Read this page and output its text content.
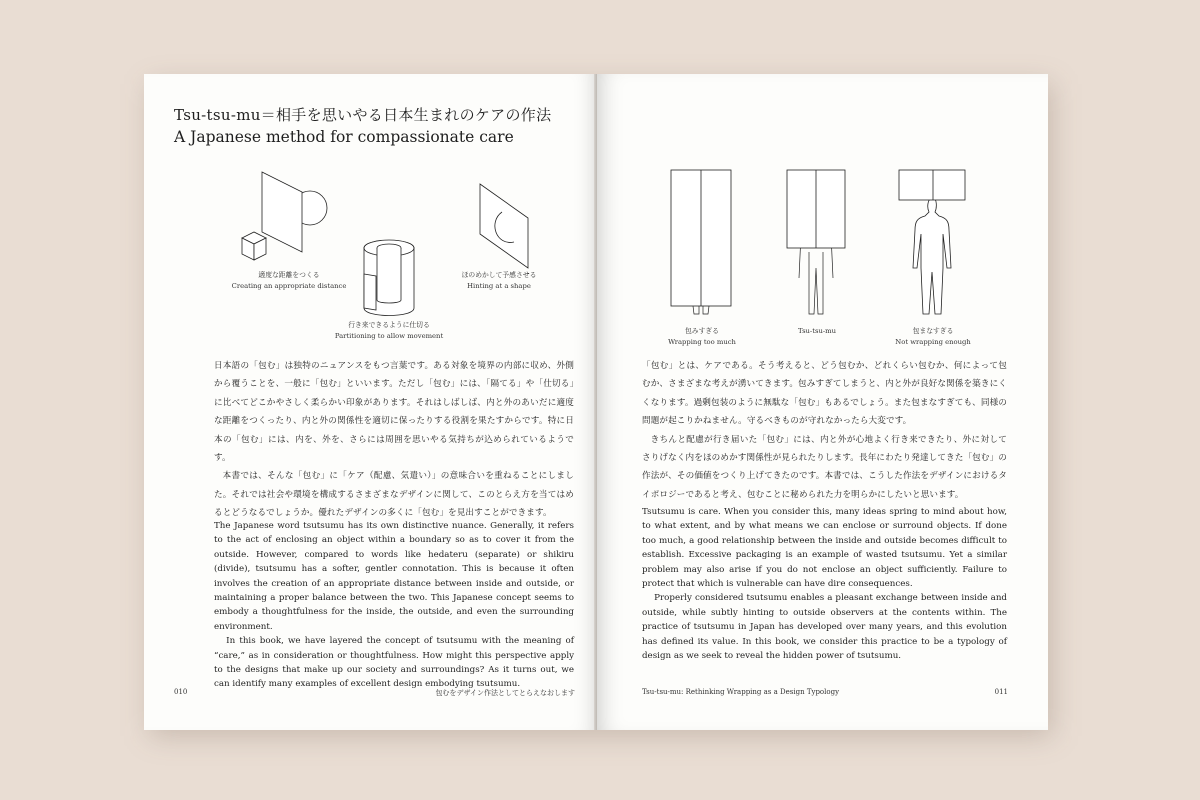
Tsu-tsu-mu＝相手を思いやる日本生まれのケアの作法
A Japanese method for compassionate care
適度な距離をつくる
Creating an appropriate distance
行き来できるように仕切る
Partitioning to allow movement
ほのめかして予感させる
Hinting at a shape

日本語の「包む」は独特のニュアンスをもつ言葉です。ある対象を境界の内部に収め、外側から覆うことを、一般に「包む」といいます。ただし「包む」には、「隔てる」や「仕切る」に比べてどこかやさしく柔らかい印象があります。それはしばしば、内と外のあいだに適度な距離をつくったり、内と外の関係性を適切に保ったりする役割を果たすからです。特に日本の「包む」には、内を、外を、さらには周囲を思いやる気持ちが込められているようです。

本書では、そんな「包む」に「ケア（配慮、気遣い）」の意味合いを重ねることにしました。それでは社会や環境を構成するさまざまなデザインに関して、このとらえ方を当てはめるとどうなるでしょうか。優れたデザインの多くに「包む」を見出すことができます。

The Japanese word tsutsumu has its own distinctive nuance. Generally, it refers to the act of enclosing an object within a boundary so as to cover it from the outside. However, compared to words like hedateru (separate) or shikiru (divide), tsutsumu has a softer, gentler connotation. This is because it often involves the creation of an appropriate distance between inside and outside, or maintaining a proper balance between the two. This Japanese concept seems to embody a thoughtfulness for the inside, the outside, and even the surrounding environment.

In this book, we have layered the concept of tsutsumu with the meaning of “care,” as in consideration or thoughtfulness. How might this perspective apply to the designs that make up our society and surroundings? As it turns out, we can identify many examples of excellent design embodying tsutsumu.

010	包むをデザイン作法としてとらえなおします
包みすぎる
Wrapping too much
Tsu-tsu-mu	包まなすぎる
Not wrapping enough

「包む」とは、ケアである。そう考えると、どう包むか、どれくらい包むか、何によって包むか、さまざまな考えが湧いてきます。包みすぎてしまうと、内と外が良好な関係を築きにくくなります。過剰包装のように無駄な「包む」もあるでしょう。また包まなすぎても、同様の問題が起こりかねません。守るべきものが守れなかったら大変です。

きちんと配慮が行き届いた「包む」には、内と外が心地よく行き来できたり、外に対してさりげなく内をほのめかす関係性が見られたりします。長年にわたり発達してきた「包む」の作法が、その価値をつくり上げてきたのです。本書では、こうした作法をデザインにおけるタイポロジーであると考え、包むことに秘められた力を明らかにしたいと思います。

Tsutsumu is care. When you consider this, many ideas spring to mind about how, to what extent, and by what means we can enclose or surround objects. If done too much, a good relationship between the inside and outside becomes difficult to establish. Excessive packaging is an example of wasted tsutsumu. Yet a similar problem may also arise if you do not enclose an object sufficiently. Failure to protect that which is vulnerable can have dire consequences.

Properly considered tsutsumu enables a pleasant exchange between inside and outside, while subtly hinting to outside observers at the contents within. The practice of tsutsumu in Japan has developed over many years, and this evolution has defined its value. In this book, we consider this practice to be a typology of design as we seek to reveal the hidden power of tsutsumu.

Tsu-tsu-mu: Rethinking Wrapping as a Design Typology	011
